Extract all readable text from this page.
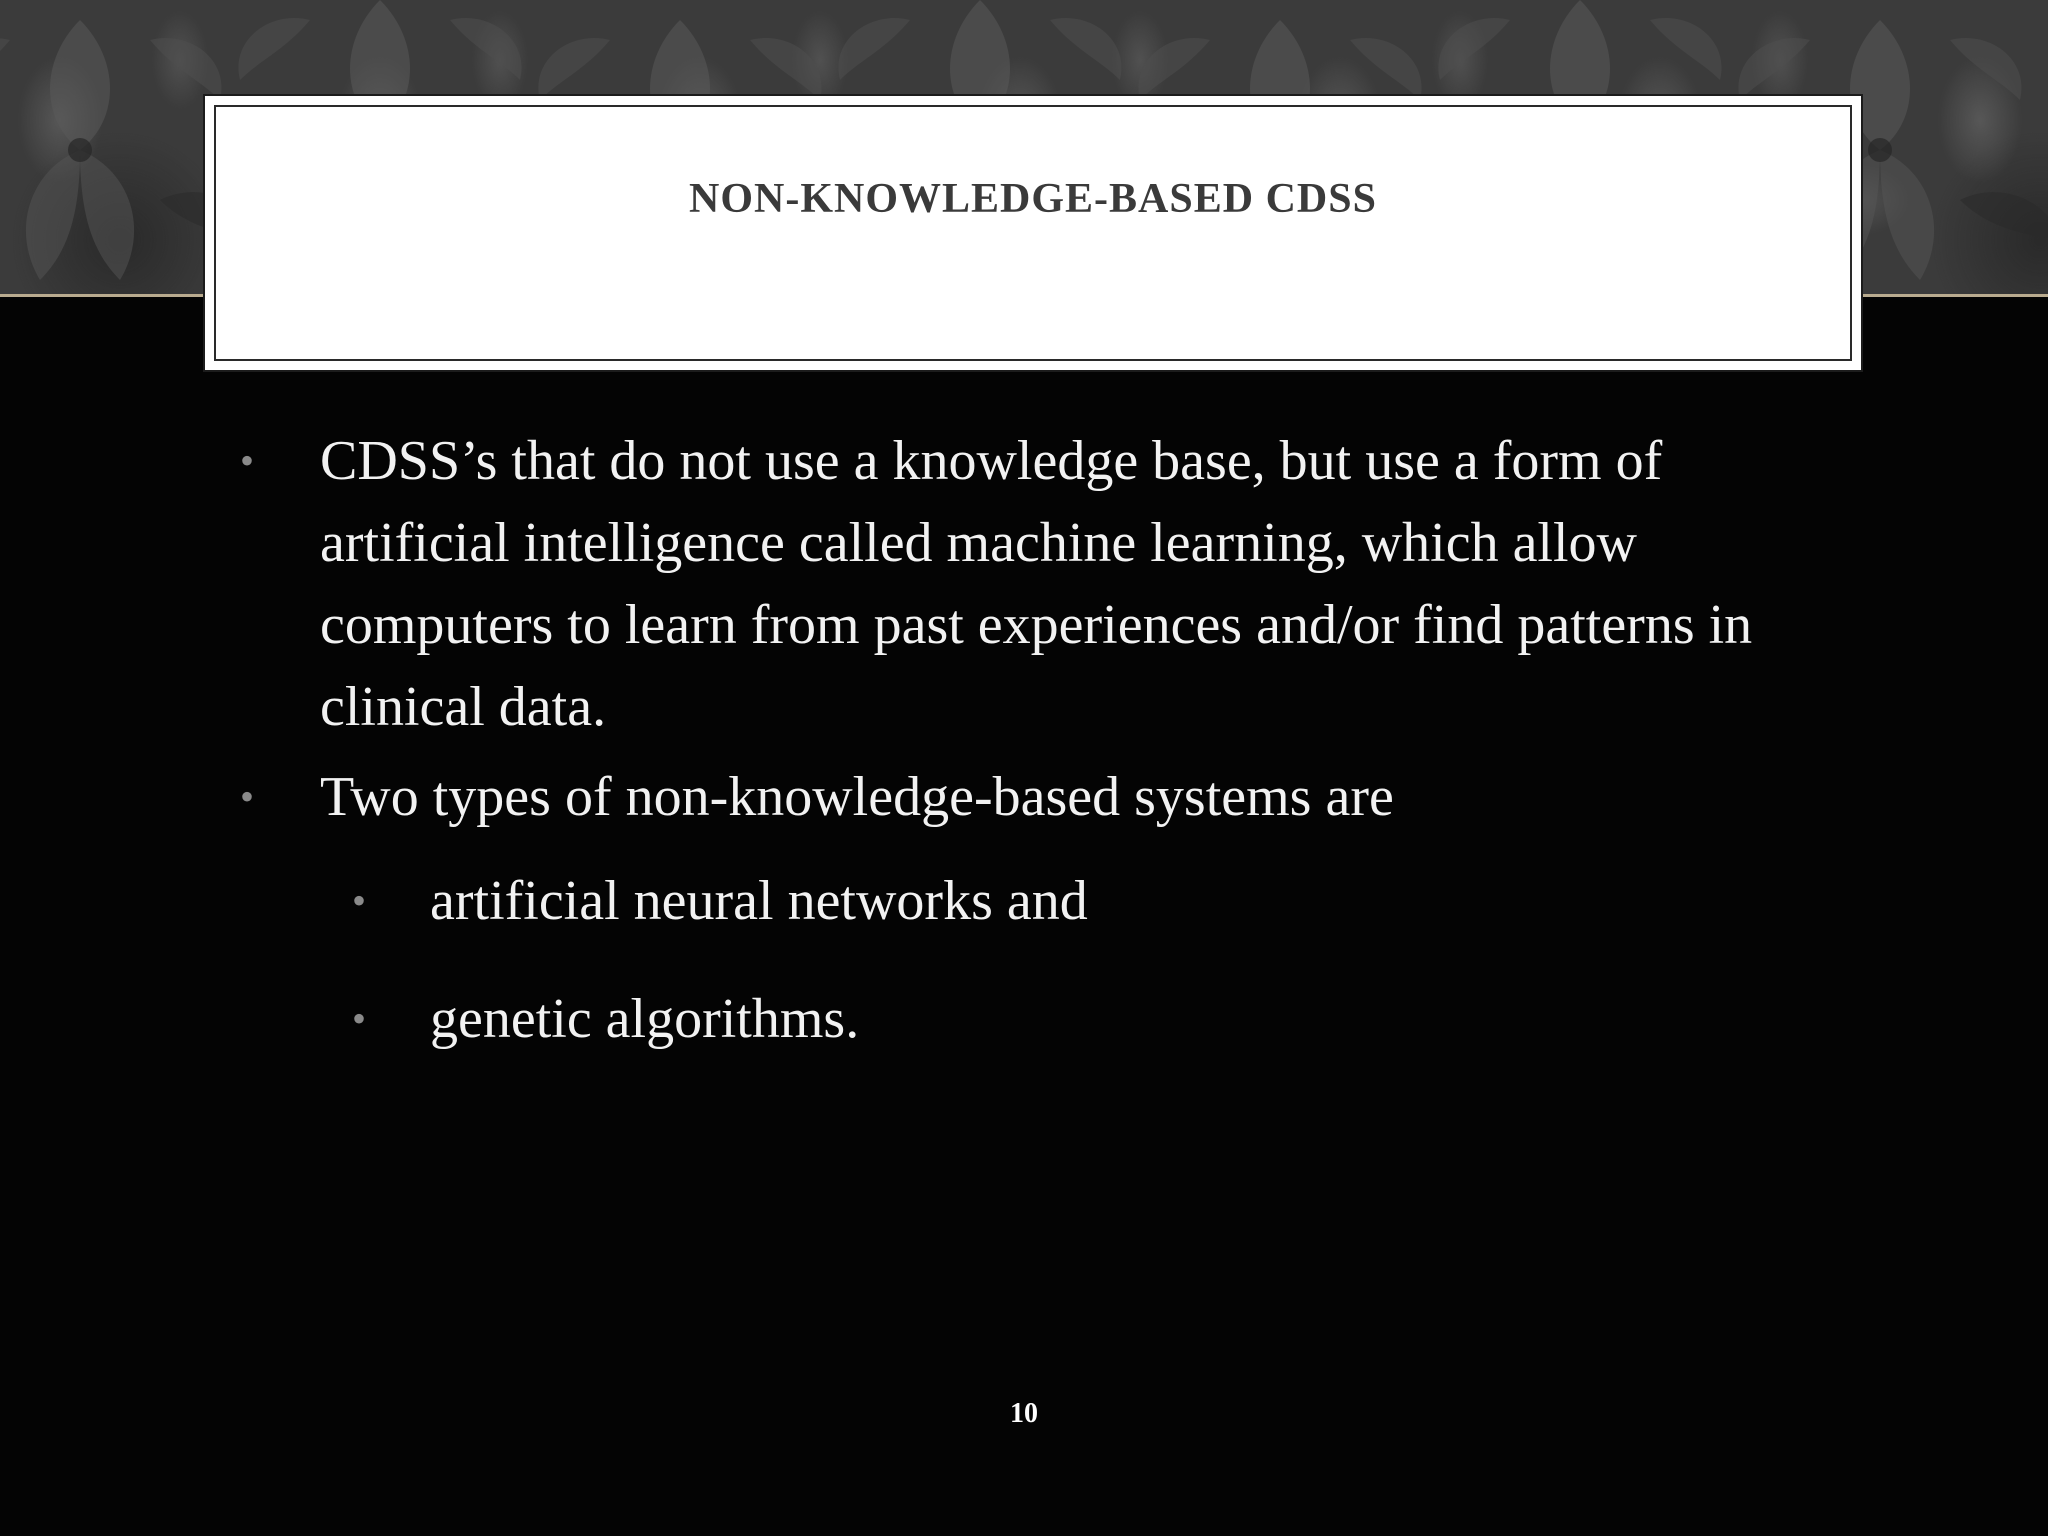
NON-KNOWLEDGE-BASED CDSS
• CDSS’s that do not use a knowledge base, but use a form of artificial intelligence called machine learning, which allow computers to learn from past experiences and/or find patterns in clinical data.
• Two types of non-knowledge-based systems are
• artificial neural networks and
• genetic algorithms.

10
